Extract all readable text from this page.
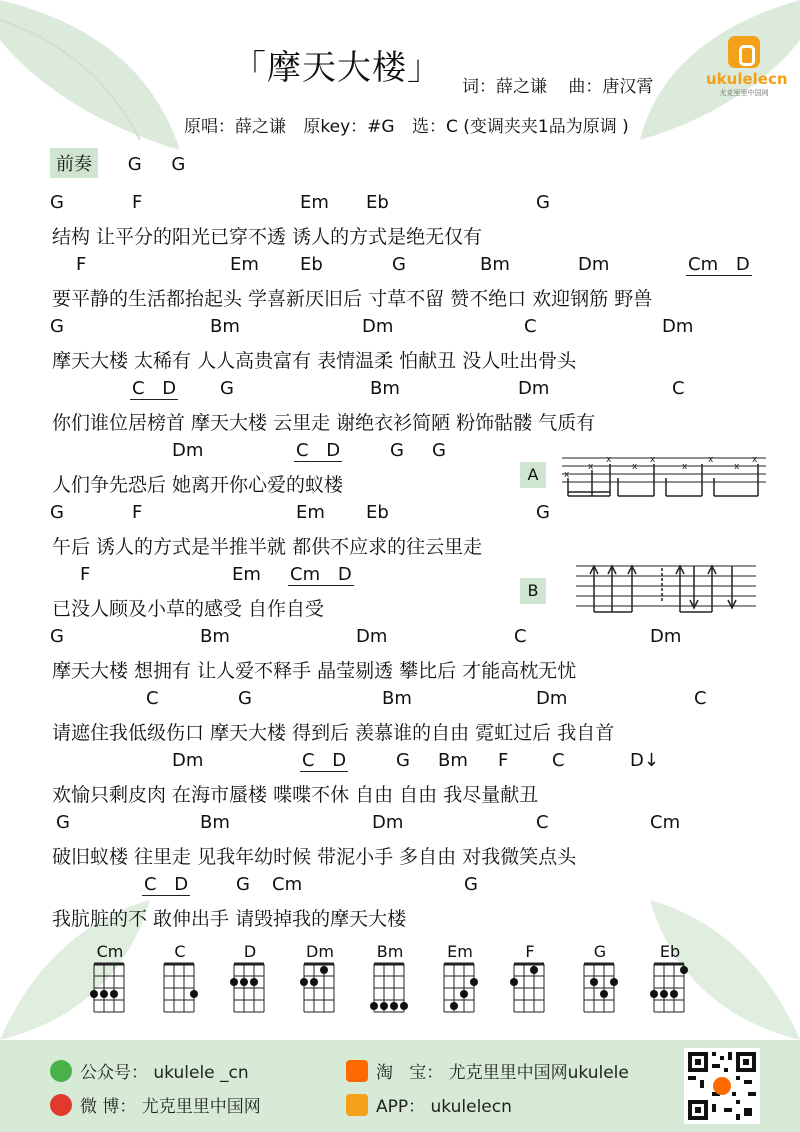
「摩天大楼」 词：薛之谦 曲：唐汉霄
原唱：薛之谦 原key：#G 选：C (变调夹夹1品为原调 )
ukulelecn
尤克里里中国网
前奏 G G
G	F	Em Eb	G
结构 让平分的阳光已穿不透 诱人的方式是绝无仅有
F	Em Eb	G	Bm	Dm	Cm D
要平静的生活都抬起头 学喜新厌旧后 寸草不留 赞不绝口 欢迎钢筋 野兽
G	Bm	Dm	C	Dm
摩天大楼 太稀有 人人高贵富有 表情温柔 怕献丑 没人吐出骨头
C D G	Bm	Dm	C
你们谁位居榜首 摩天大楼 云里走 谢绝衣衫简陋 粉饰骷髅 气质有
Dm	C D	G G
人们争先恐后 她离开你心爱的蚁楼
G	F	Em Eb	G
午后 诱人的方式是半推半就 都供不应求的往云里走
F	Em Cm D
已没人顾及小草的感受 自作自受
G	Bm	Dm	C	Dm
摩天大楼 想拥有 让人爱不释手 晶莹剔透 攀比后 才能高枕无忧
C	G	Bm	Dm	C
请遮住我低级伤口 摩天大楼 得到后 羡慕谁的自由 霓虹过后 我自首
Dm	C D	G Bm F C	D↓
欢愉只剩皮肉 在海市蜃楼 喋喋不休 自由 自由 我尽量献丑
G	Bm	Dm	C	Cm
破旧蚁楼 往里走 见我年幼时候 带泥小手 多自由 对我微笑点头
C D	G Cm	G
我肮脏的不 敢伸出手 请毁掉我的摩天大楼
A	x
x
x
x
x
x
x
x
x
B
Cm	C	D	Dm	Bm	Em	F	G	Eb
公众号： ukulele _cn
微 博： 尤克里里中国网
淘 宝： 尤克里里中国网ukulele
APP： ukulelecn
